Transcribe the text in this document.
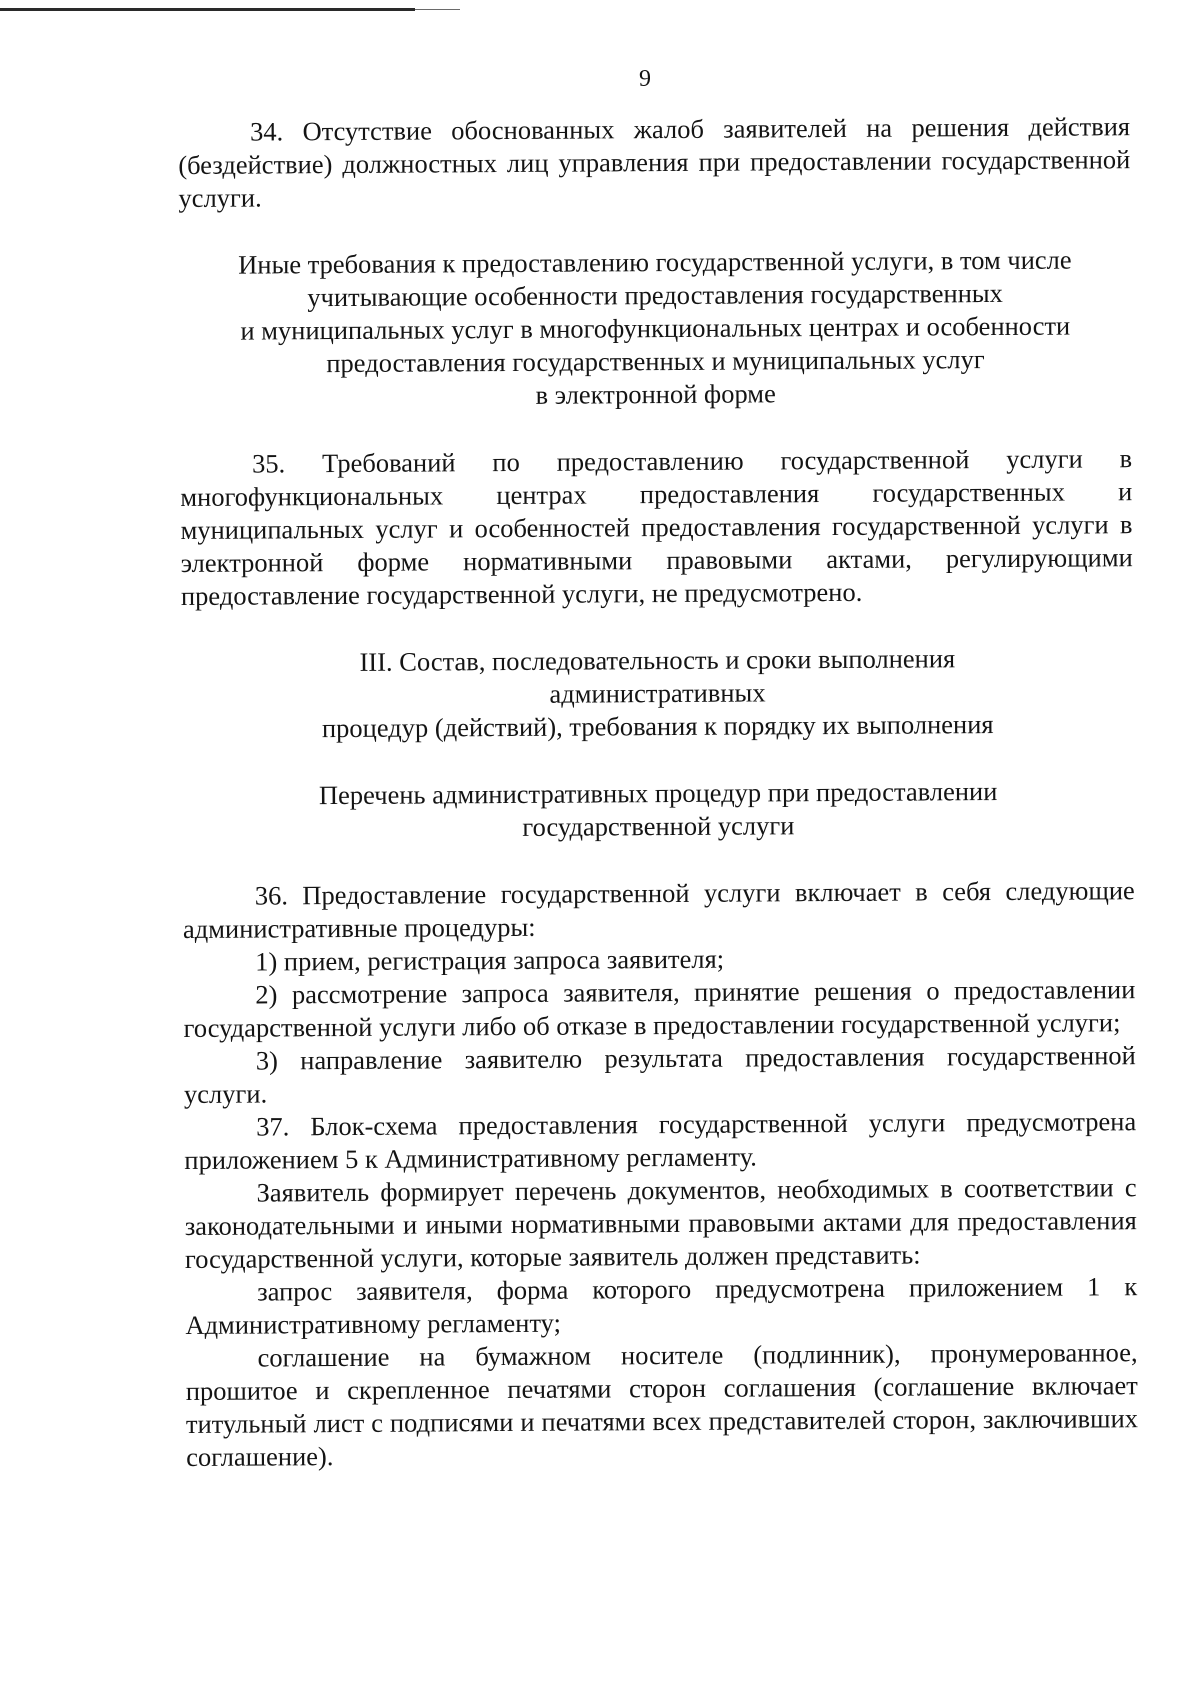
9

34. Отсутствие обоснованных жалоб заявителей на решения действия (бездействие) должностных лиц управления при предоставлении государственной услуги.

Иные требования к предоставлению государственной услуги, в том числе
учитывающие особенности предоставления государственных
и муниципальных услуг в многофункциональных центрах и особенности
предоставления государственных и муниципальных услуг
в электронной форме

35. Требований по предоставлению государственной услуги в многофункциональных центрах предоставления государственных и муниципальных услуг и особенностей предоставления государственной услуги в электронной форме нормативными правовыми актами, регулирующими предоставление государственной услуги, не предусмотрено.

III. Состав, последовательность и сроки выполнения
административных
процедур (действий), требования к порядку их выполнения
Перечень административных процедур при предоставлении
государственной услуги

36. Предоставление государственной услуги включает в себя следующие административные процедуры:

1) прием, регистрация запроса заявителя;

2) рассмотрение запроса заявителя, принятие решения о предоставлении государственной услуги либо об отказе в предоставлении государственной услуги;

3) направление заявителю результата предоставления государственной услуги.

37. Блок-схема предоставления государственной услуги предусмотрена приложением 5 к Административному регламенту.

Заявитель формирует перечень документов, необходимых в соответствии с законодательными и иными нормативными правовыми актами для предоставления государственной услуги, которые заявитель должен представить:

запрос заявителя, форма которого предусмотрена приложением 1 к Административному регламенту;

соглашение на бумажном носителе (подлинник), пронумерованное, прошитое и скрепленное печатями сторон соглашения (соглашение включает титульный лист с подписями и печатями всех представителей сторон, заключивших соглашение).
